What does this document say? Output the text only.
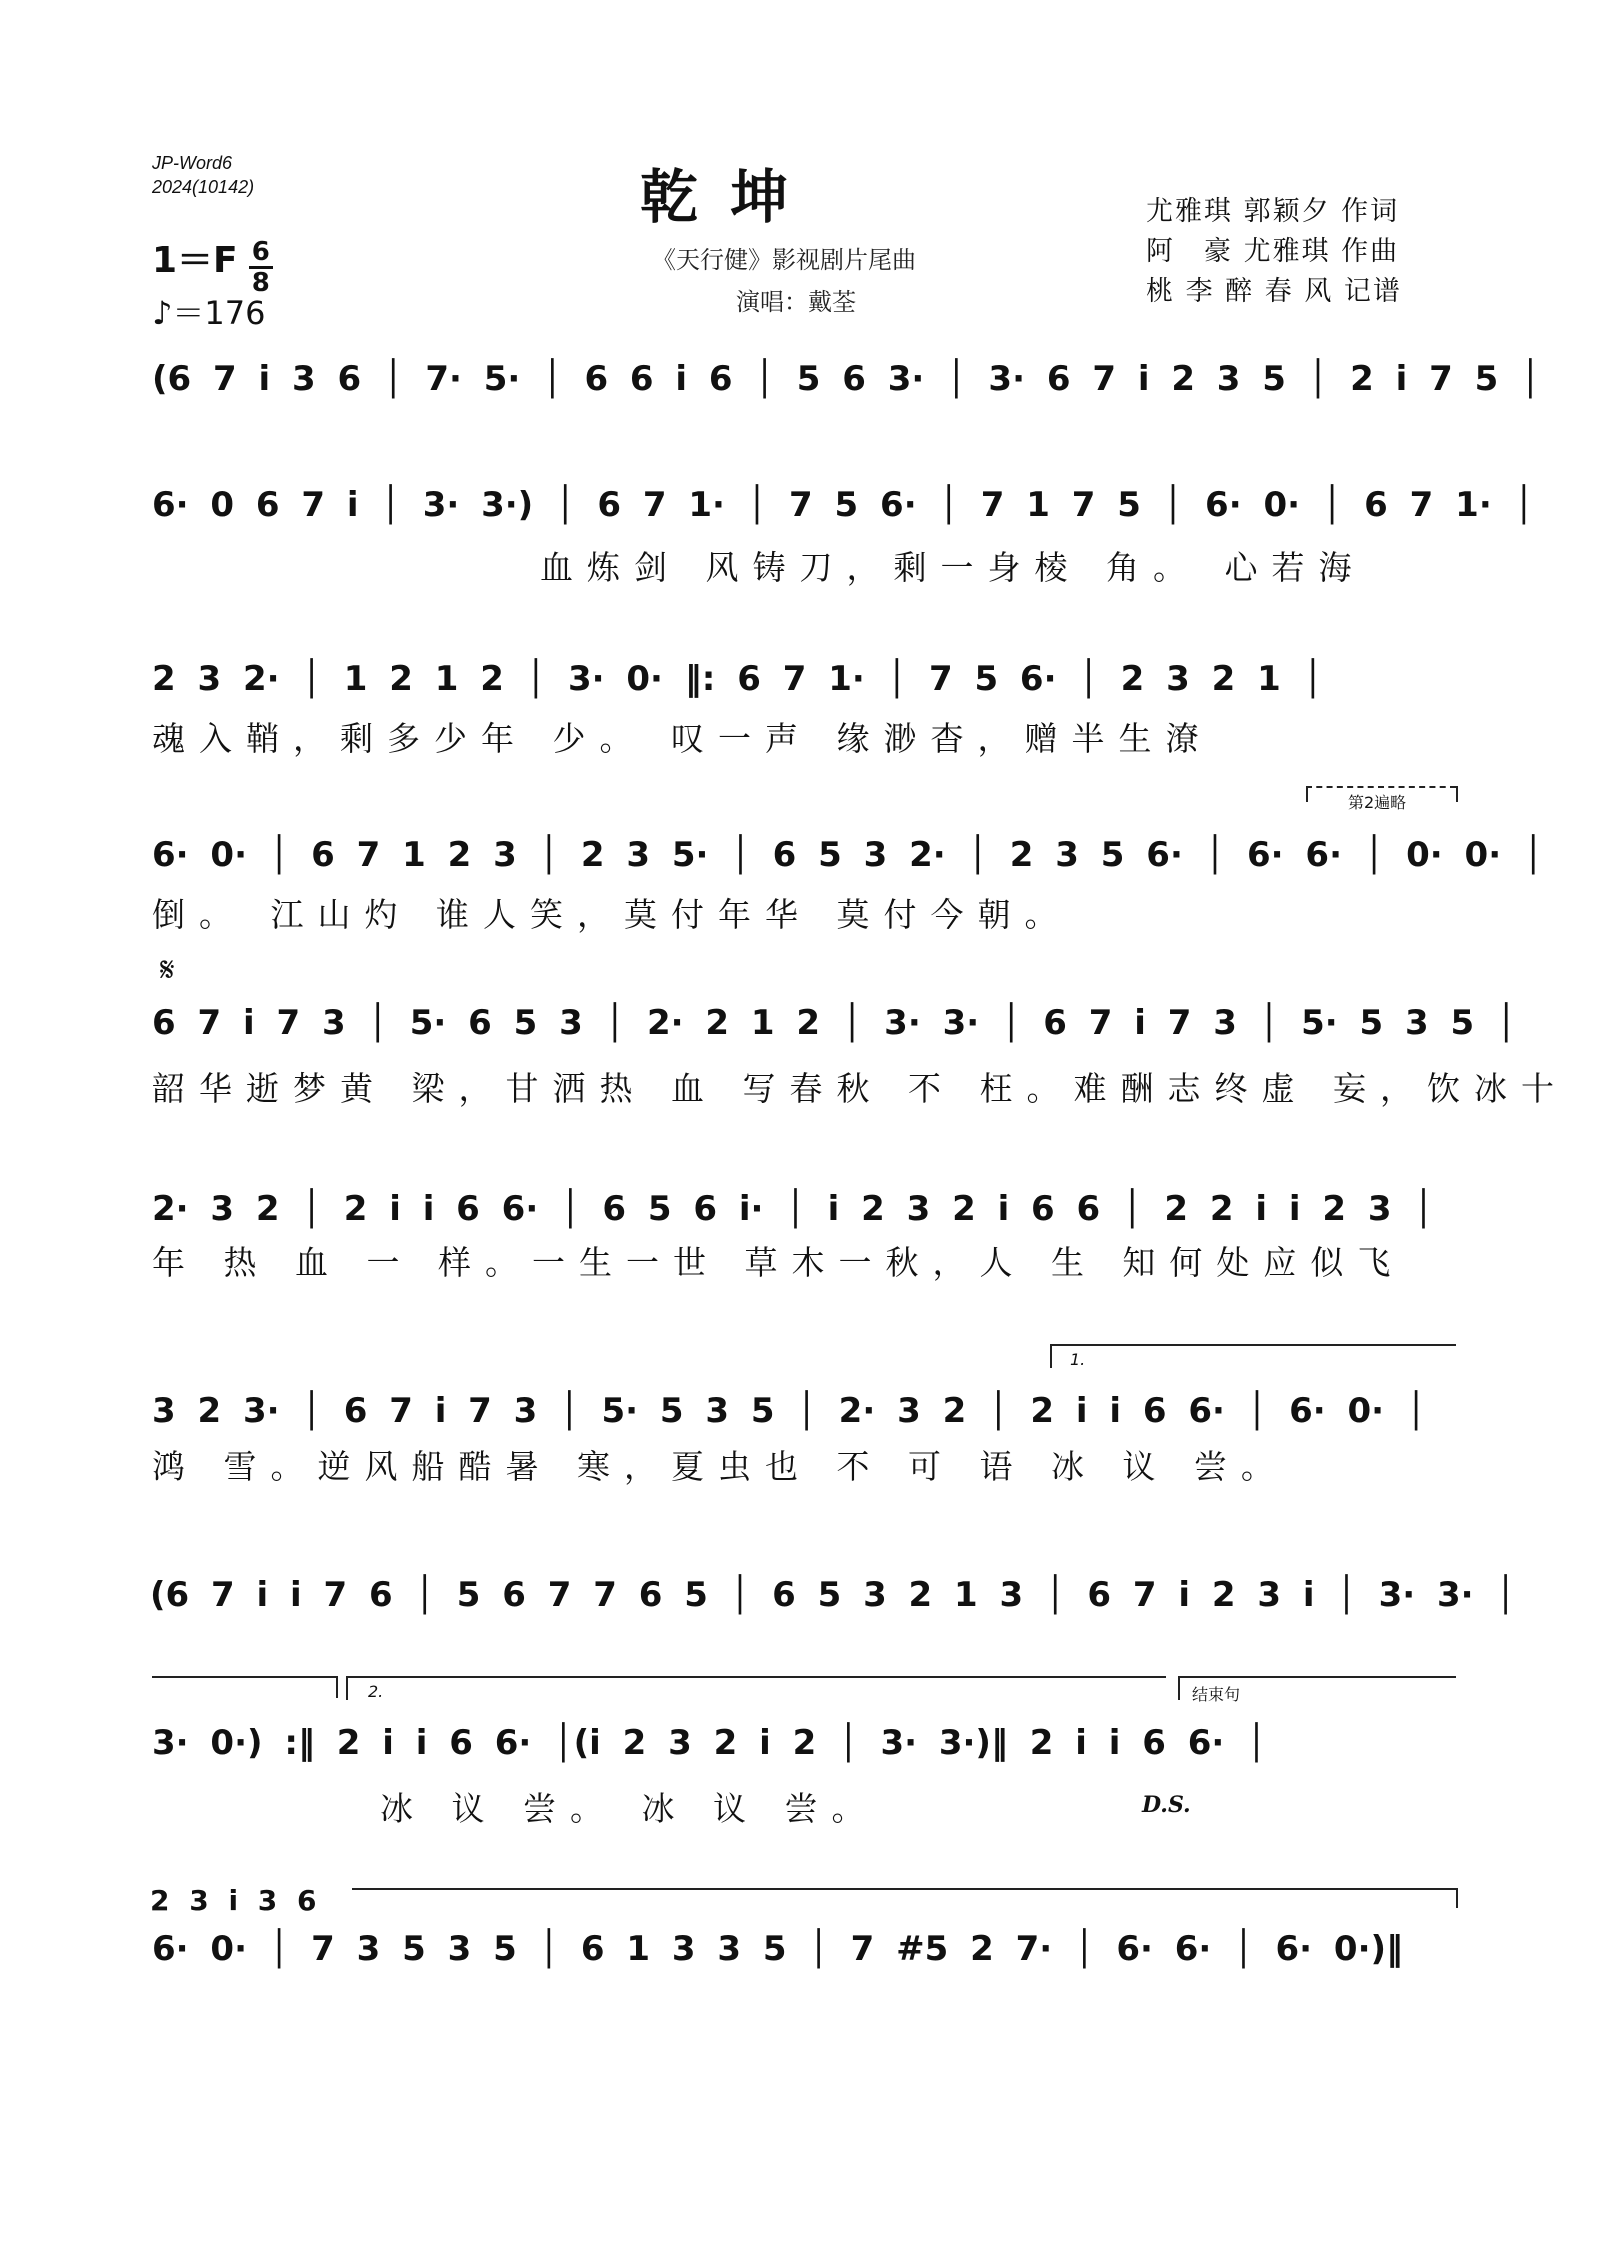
JP-Word6
2024(10142)	乾 坤
《天行健》影视剧片尾曲
演唱：戴荃
尤雅琪 郭颖夕 作词
阿　豪 尤雅琪 作曲
桃 李 醉 春 风 记谱
$1=F \frac{6}{8}$
♪＝176
(6 7 i 3 6 │ 7· 5· │ 6 6 i 6 │ 5 6 3· │ 3· 6 7 i 2 3 5 │ 2 i 7 5 │
6· 0 6 7 i │ 3· 3·) │ 6 7 1· │ 7 5 6· │ 7 1 7 5 │ 6· 0· │ 6 7 1· │
血炼剑 风铸刀，剩一身棱 角。 心若海
2 3 2· │ 1 2 1 2 │ 3· 0· ‖: 6 7 1· │ 7 5 6· │ 2 3 2 1 │
魂入鞘，剩多少年 少。 叹一声 缘渺杳，赠半生潦
第2遍略
6· 0· │ 6 7 1 2 3 │ 2 3 5· │ 6 5 3 2· │ 2 3 5 6· │ 6· 6· │ 0· 0· │
倒。 江山灼 谁人笑，莫付年华 莫付今朝。
𝄋
6 7 i 7 3 │ 5· 6 5 3 │ 2· 2 1 2 │ 3· 3· │ 6 7 i 7 3 │ 5· 5 3 5 │
韶华逝梦黄 梁，甘洒热 血 写春秋 不 枉。难酬志终虚 妄，饮冰十
2· 3 2 │ 2 i i 6 6· │ 6 5 6 i· │ i 2 3 2 i 6 6 │ 2 2 i i 2 3 │
年 热 血 一 样。一生一世 草木一秋，人 生 知何处应似飞
1.
3 2 3· │ 6 7 i 7 3 │ 5· 5 3 5 │ 2· 3 2 │ 2 i i 6 6· │ 6· 0· │
鸿 雪。逆风船酷暑 寒，夏虫也 不 可 语 冰 议 尝。
(6 7 i i 7 6 │ 5 6 7 7 6 5 │ 6 5 3 2 1 3 │ 6 7 i 2 3 i │ 3· 3· │
2.	结束句
3· 0·) :‖ 2 i i 6 6· │(i 2 3 2 i 2 │ 3· 3·)‖ 2 i i 6 6· │
冰 议 尝。 冰 议 尝。	D.S.
2 3 i 3 6
6· 0· │ 7 3 5 3 5 │ 6 1 3 3 5 │ 7 #5 2 7· │ 6· 6· │ 6· 0·)‖
